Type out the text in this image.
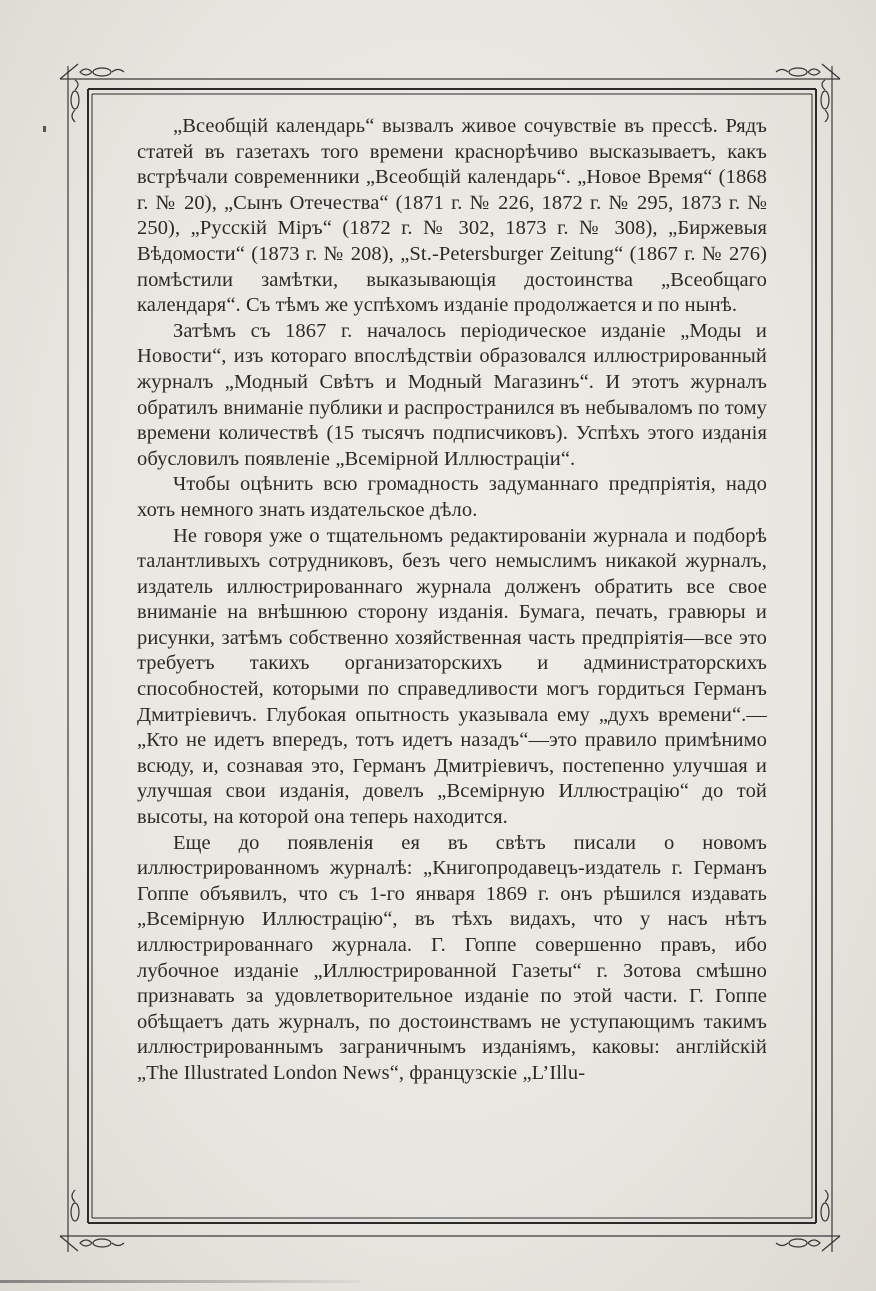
„Всеобщій календарь“ вызвалъ живое сочувствіе въ прессѣ. Рядъ статей въ газетахъ того времени краснорѣчиво высказываетъ, какъ встрѣчали современники „Всеобщій календарь“. „Новое Время“ (1868 г. № 20), „Сынъ Отечества“ (1871 г. № 226, 1872 г. № 295, 1873 г. № 250), „Русскій Міръ“ (1872 г. № 302, 1873 г. № 308), „Биржевыя Вѣдомости“ (1873 г. № 208), „St.-Petersburger Zeitung“ (1867 г. № 276) помѣстили замѣтки, выказывающія достоинства „Всеобщаго календаря“. Съ тѣмъ же успѣхомъ изданіе продолжается и по нынѣ.

Затѣмъ съ 1867 г. началось періодическое изданіе „Моды и Новости“, изъ котораго впослѣдствіи образовался иллюстрированный журналъ „Модный Свѣтъ и Модный Магазинъ“. И этотъ журналъ обратилъ вниманіе публики и распространился въ небываломъ по тому времени количествѣ (15 тысячъ подписчиковъ). Успѣхъ этого изданія обусловилъ появленіе „Всемірной Иллюстраціи“.

Чтобы оцѣнить всю громадность задуманнаго предпріятія, надо хоть немного знать издательское дѣло.

Не говоря уже о тщательномъ редактированіи журнала и подборѣ талантливыхъ сотрудниковъ, безъ чего немыслимъ никакой журналъ, издатель иллюстрированнаго журнала долженъ обратить все свое вниманіе на внѣшнюю сторону изданія. Бумага, печать, гравюры и рисунки, затѣмъ собственно хозяйственная часть предпріятія—все это требуетъ такихъ организаторскихъ и администраторскихъ способностей, которыми по справедливости могъ гордиться Германъ Дмитріевичъ. Глубокая опытность указывала ему „духъ времени“.—„Кто не идетъ впередъ, тотъ идетъ назадъ“—это правило примѣнимо всюду, и, сознавая это, Германъ Дмитріевичъ, постепенно улучшая и улучшая свои изданія, довелъ „Всемірную Иллюстрацію“ до той высоты, на которой она теперь находится.

Еще до появленія ея въ свѣтъ писали о новомъ иллюстрированномъ журналѣ: „Книгопродавецъ-издатель г. Германъ Гоппе объявилъ, что съ 1-го января 1869 г. онъ рѣшился издавать „Всемірную Иллюстрацію“, въ тѣхъ видахъ, что у насъ нѣтъ иллюстрированнаго журнала. Г. Гоппе совершенно правъ, ибо лубочное изданіе „Иллюстрированной Газеты“ г. Зотова смѣшно признавать за удовлетворительное изданіе по этой части. Г. Гоппе обѣщаетъ дать журналъ, по достоинствамъ не уступающимъ такимъ иллюстрированнымъ заграничнымъ изданіямъ, каковы: англійскій „The Illustrated London News“, французскіе „L’Illu-
